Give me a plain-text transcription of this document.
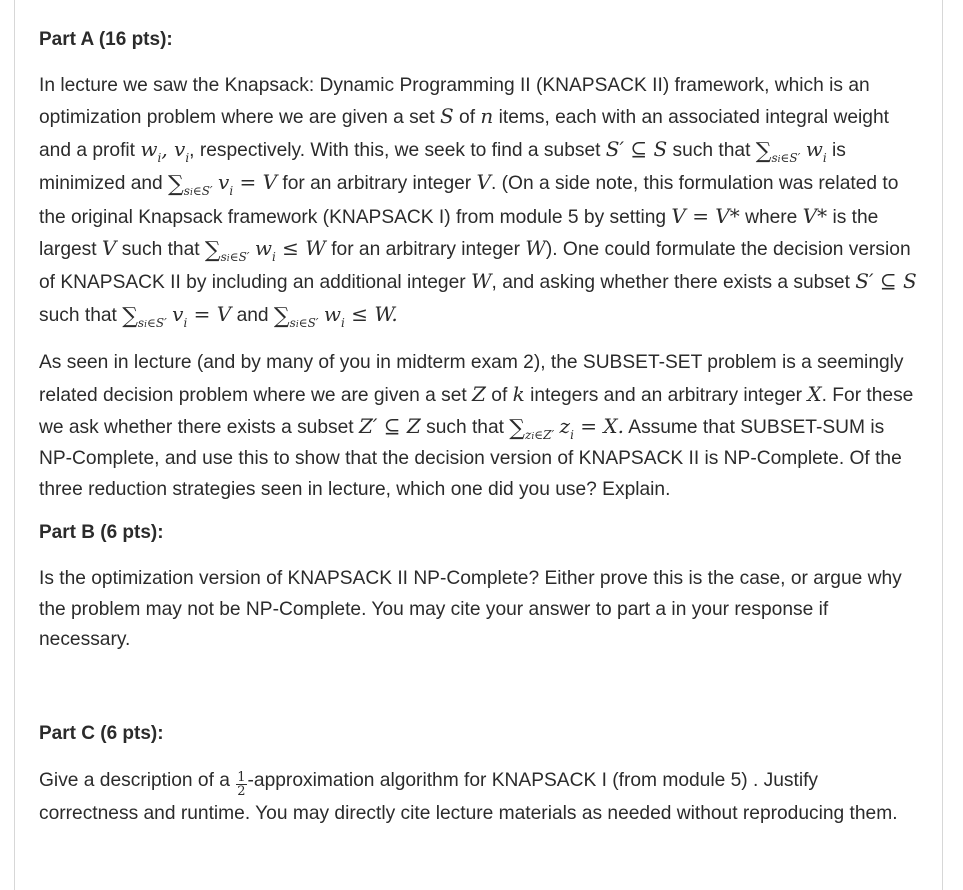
Part A (16 pts):

In lecture we saw the Knapsack: Dynamic Programming II (KNAPSACK II) framework, which is an optimization problem where we are given a set S of n items, each with an associated integral weight and a profit $w_i$, $v_i$, respectively. With this, we seek to find a subset S′ ⊆ S such that $\sum_{si\in S'}$ $w_i$ is minimized and $\sum_{si\in S'}$ $v_i = V$ for an arbitrary integer V. (On a side note, this formulation was related to the original Knapsack framework (KNAPSACK I) from module 5 by setting V = V* where V* is the largest V such that $\sum_{si\in S'}$ $w_i \le W$ for an arbitrary integer W). One could formulate the decision version of KNAPSACK II by including an additional integer W, and asking whether there exists a subset S′ ⊆ S such that $\sum_{si\in S'}$ $v_i = V$ and $\sum_{si\in S'}$ $w_i \le W$.

As seen in lecture (and by many of you in midterm exam 2), the SUBSET-SET problem is a seemingly related decision problem where we are given a set Z of k integers and an arbitrary integer X. For these we ask whether there exists a subset Z′ ⊆ Z such that $\sum_{zi\in Z'}$ $z_i = X$. Assume that SUBSET-SUM is NP-Complete, and use this to show that the decision version of KNAPSACK II is NP-Complete. Of the three reduction strategies seen in lecture, which one did you use? Explain.

Part B (6 pts):

Is the optimization version of KNAPSACK II NP-Complete? Either prove this is the case, or argue why the problem may not be NP-Complete. You may cite your answer to part a in your response if necessary.

Part C (6 pts):

Give a description of a $\frac{1}{2}$ -approximation algorithm for KNAPSACK I (from module 5) . Justify correctness and runtime. You may directly cite lecture materials as needed without reproducing them.
